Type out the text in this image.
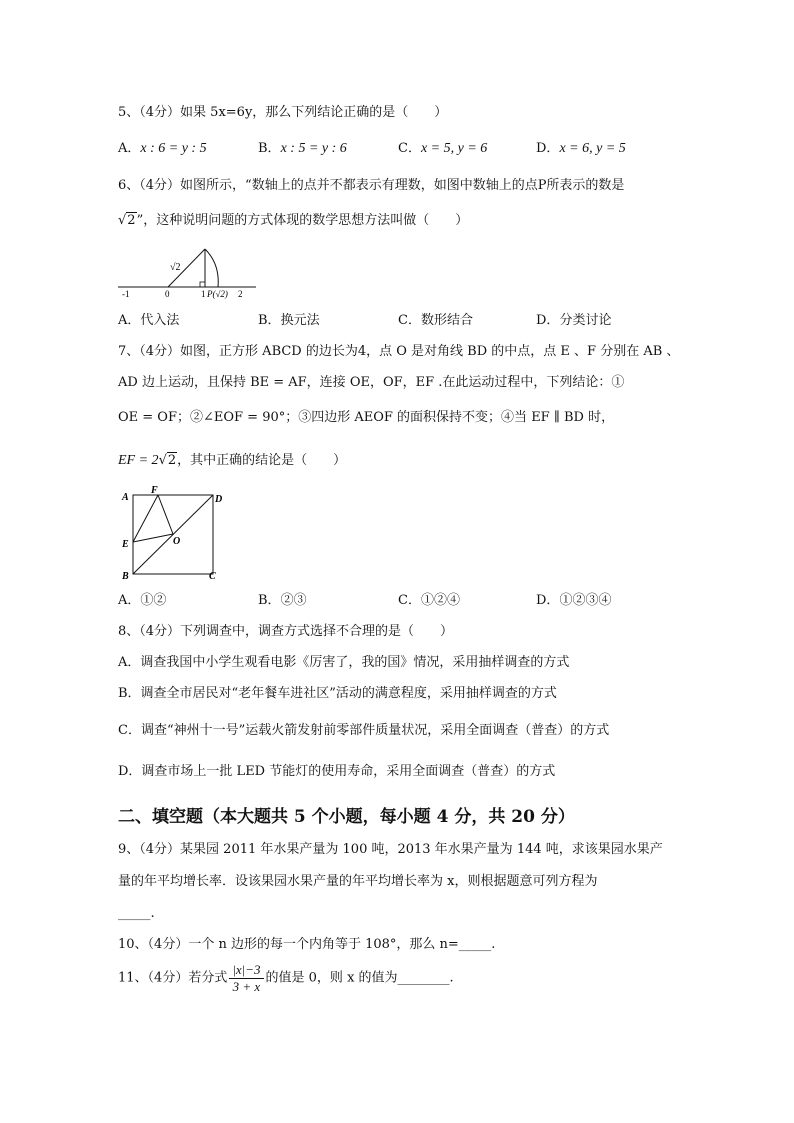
5、（4分）如果 5x=6y，那么下列结论正确的是（　　）
A．x : 6 = y : 5	B．x : 5 = y : 6	C．x = 5, y = 6	D．x = 6, y = 5
6、（4分）如图所示，“数轴上的点并不都表示有理数，如图中数轴上的点P所表示的数是
√2”，这种说明问题的方式体现的数学思想方法叫做（　　）
√2
-1	0	1 P(√2) 2
A．代入法	B．换元法	C．数形结合	D．分类讨论
7、（4分）如图，正方形 ABCD 的边长为4，点 O 是对角线 BD 的中点，点 E 、F 分别在 AB 、
AD 边上运动，且保持 BE = AF，连接 OE，OF，EF .在此运动过程中，下列结论：①
OE = OF；②∠EOF = 90°；③四边形 AEOF 的面积保持不变；④当 EF ∥ BD 时，
EF = 2√2，其中正确的结论是（　　）
A
F
D
E	O
B	C
A．①②	B．②③	C．①②④	D．①②③④
8、（4分）下列调查中，调查方式选择不合理的是（　　）
A．调查我国中小学生观看电影《厉害了，我的国》情况，采用抽样调查的方式
B．调查全市居民对“老年餐车进社区”活动的满意程度，采用抽样调查的方式
C．调查“神州十一号”运载火箭发射前零部件质量状况，采用全面调查（普查）的方式
D．调查市场上一批 LED 节能灯的使用寿命，采用全面调查（普查）的方式
二、填空题（本大题共 5 个小题，每小题 4 分，共 20 分）
9、（4分）某果园 2011 年水果产量为 100 吨，2013 年水果产量为 144 吨，求该果园水果产
量的年平均增长率．设该果园水果产量的年平均增长率为 x，则根据题意可列方程为
_____.
10、（4分）一个 n 边形的每一个内角等于 108°，那么 n=_____.
11、（4分）若分式 $\frac{|x|-3}{3 + x}$ 的值是 0，则 x 的值为________.
